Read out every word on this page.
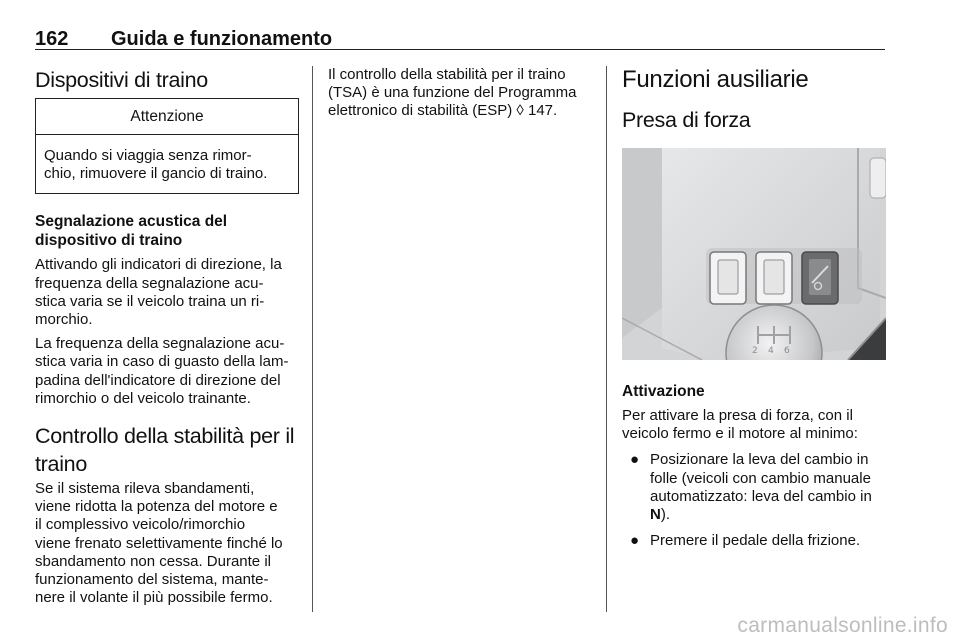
162 Guida e funzionamento
Dispositivi di traino
Attenzione
Quando si viaggia senza rimor-
chio, rimuovere il gancio di traino.
Segnalazione acustica del
dispositivo di traino

Attivando gli indicatori di direzione, la
frequenza della segnalazione acu-
stica varia se il veicolo traina un ri-
morchio.

La frequenza della segnalazione acu-
stica varia in caso di guasto della lam-
padina dell'indicatore di direzione del
rimorchio o del veicolo trainante.

Controllo della stabilità per il
traino

Se il sistema rileva sbandamenti,
viene ridotta la potenza del motore e
il complessivo veicolo/rimorchio
viene frenato selettivamente finché lo
sbandamento non cessa. Durante il
funzionamento del sistema, mante-
nere il volante il più possibile fermo.

Il controllo della stabilità per il traino
(TSA) è una funzione del Programma
elettronico di stabilità (ESP) ◊ 147.

Funzioni ausiliarie
Presa di forza
2 4 6
Attivazione

Per attivare la presa di forza, con il
veicolo fermo e il motore al minimo:

● Posizionare la leva del cambio in
folle (veicoli con cambio manuale
automatizzato: leva del cambio in
N).
● Premere il pedale della frizione.
carmanualsonline.info
